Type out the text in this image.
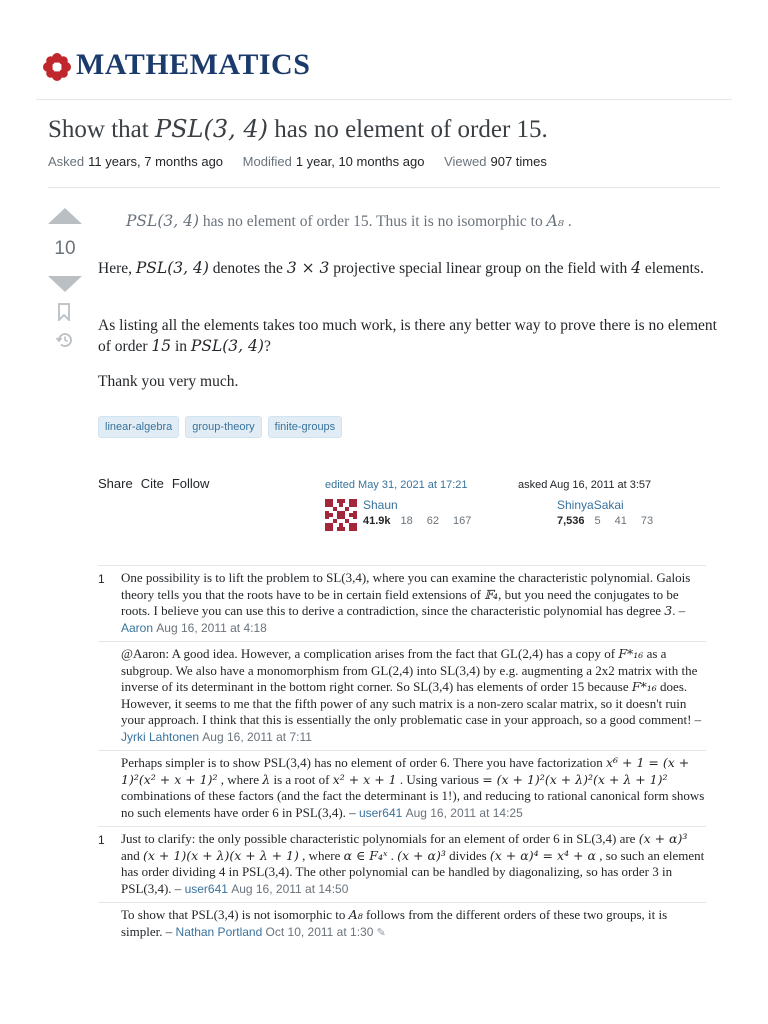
MATHEMATICS
Show that PSL(3, 4) has no element of order 15.
Asked 11 years, 7 months ago Modified 1 year, 10 months ago Viewed 907 times
10
PSL(3, 4) has no element of order 15. Thus it is no isomorphic to A₈ .
Here, PSL(3, 4) denotes the 3 × 3 projective special linear group on the field with 4 elements.
As listing all the elements takes too much work, is there any better way to prove there is no element of order 15 in PSL(3, 4)?
Thank you very much.
linear-algebra	group-theory	finite-groups
Share Cite Follow	edited May 31, 2021 at 17:21
Shaun
41.9k 18 62 167
asked Aug 16, 2011 at 3:57
ShinyaSakai
7,536 5 41 73
1 One possibility is to lift the problem to SL(3,4), where you can examine the characteristic polynomial. Galois theory tells you that the roots have to be in certain field extensions of 𝔽₄, but you need the conjugates to be roots. I believe you can use this to derive a contradiction, since the characteristic polynomial has degree 3. – Aaron Aug 16, 2011 at 4:18
@Aaron: A good idea. However, a complication arises from the fact that GL(2,4) has a copy of F*₁₆ as a subgroup. We also have a monomorphism from GL(2,4) into SL(3,4) by e.g. augmenting a 2x2 matrix with the inverse of its determinant in the bottom right corner. So SL(3,4) has elements of order 15 because F*₁₆ does. However, it seems to me that the fifth power of any such matrix is a non-zero scalar matrix, so it doesn't ruin your approach. I think that this is essentially the only problematic case in your approach, so a good comment! – Jyrki Lahtonen Aug 16, 2011 at 7:11
Perhaps simpler is to show PSL(3,4) has no element of order 6. There you have factorization x⁶ + 1 = (x + 1)²(x² + x + 1)² , where λ is a root of x² + x + 1 . Using various = (x + 1)²(x + λ)²(x + λ + 1)² combinations of these factors (and the fact the determinant is 1!), and reducing to rational canonical form shows no such elements have order 6 in PSL(3,4). – user641 Aug 16, 2011 at 14:25
1 Just to clarify: the only possible characteristic polynomials for an element of order 6 in SL(3,4) are (x + α)³ and (x + 1)(x + λ)(x + λ + 1) , where α ∈ F₄ˣ . (x + α)³ divides (x + α)⁴ = x⁴ + α , so such an element has order dividing 4 in PSL(3,4). The other polynomial can be handled by diagonalizing, so has order 3 in PSL(3,4). – user641 Aug 16, 2011 at 14:50
To show that PSL(3,4) is not isomorphic to A₈ follows from the different orders of these two groups, it is simpler. – Nathan Portland Oct 10, 2011 at 1:30 ✎
